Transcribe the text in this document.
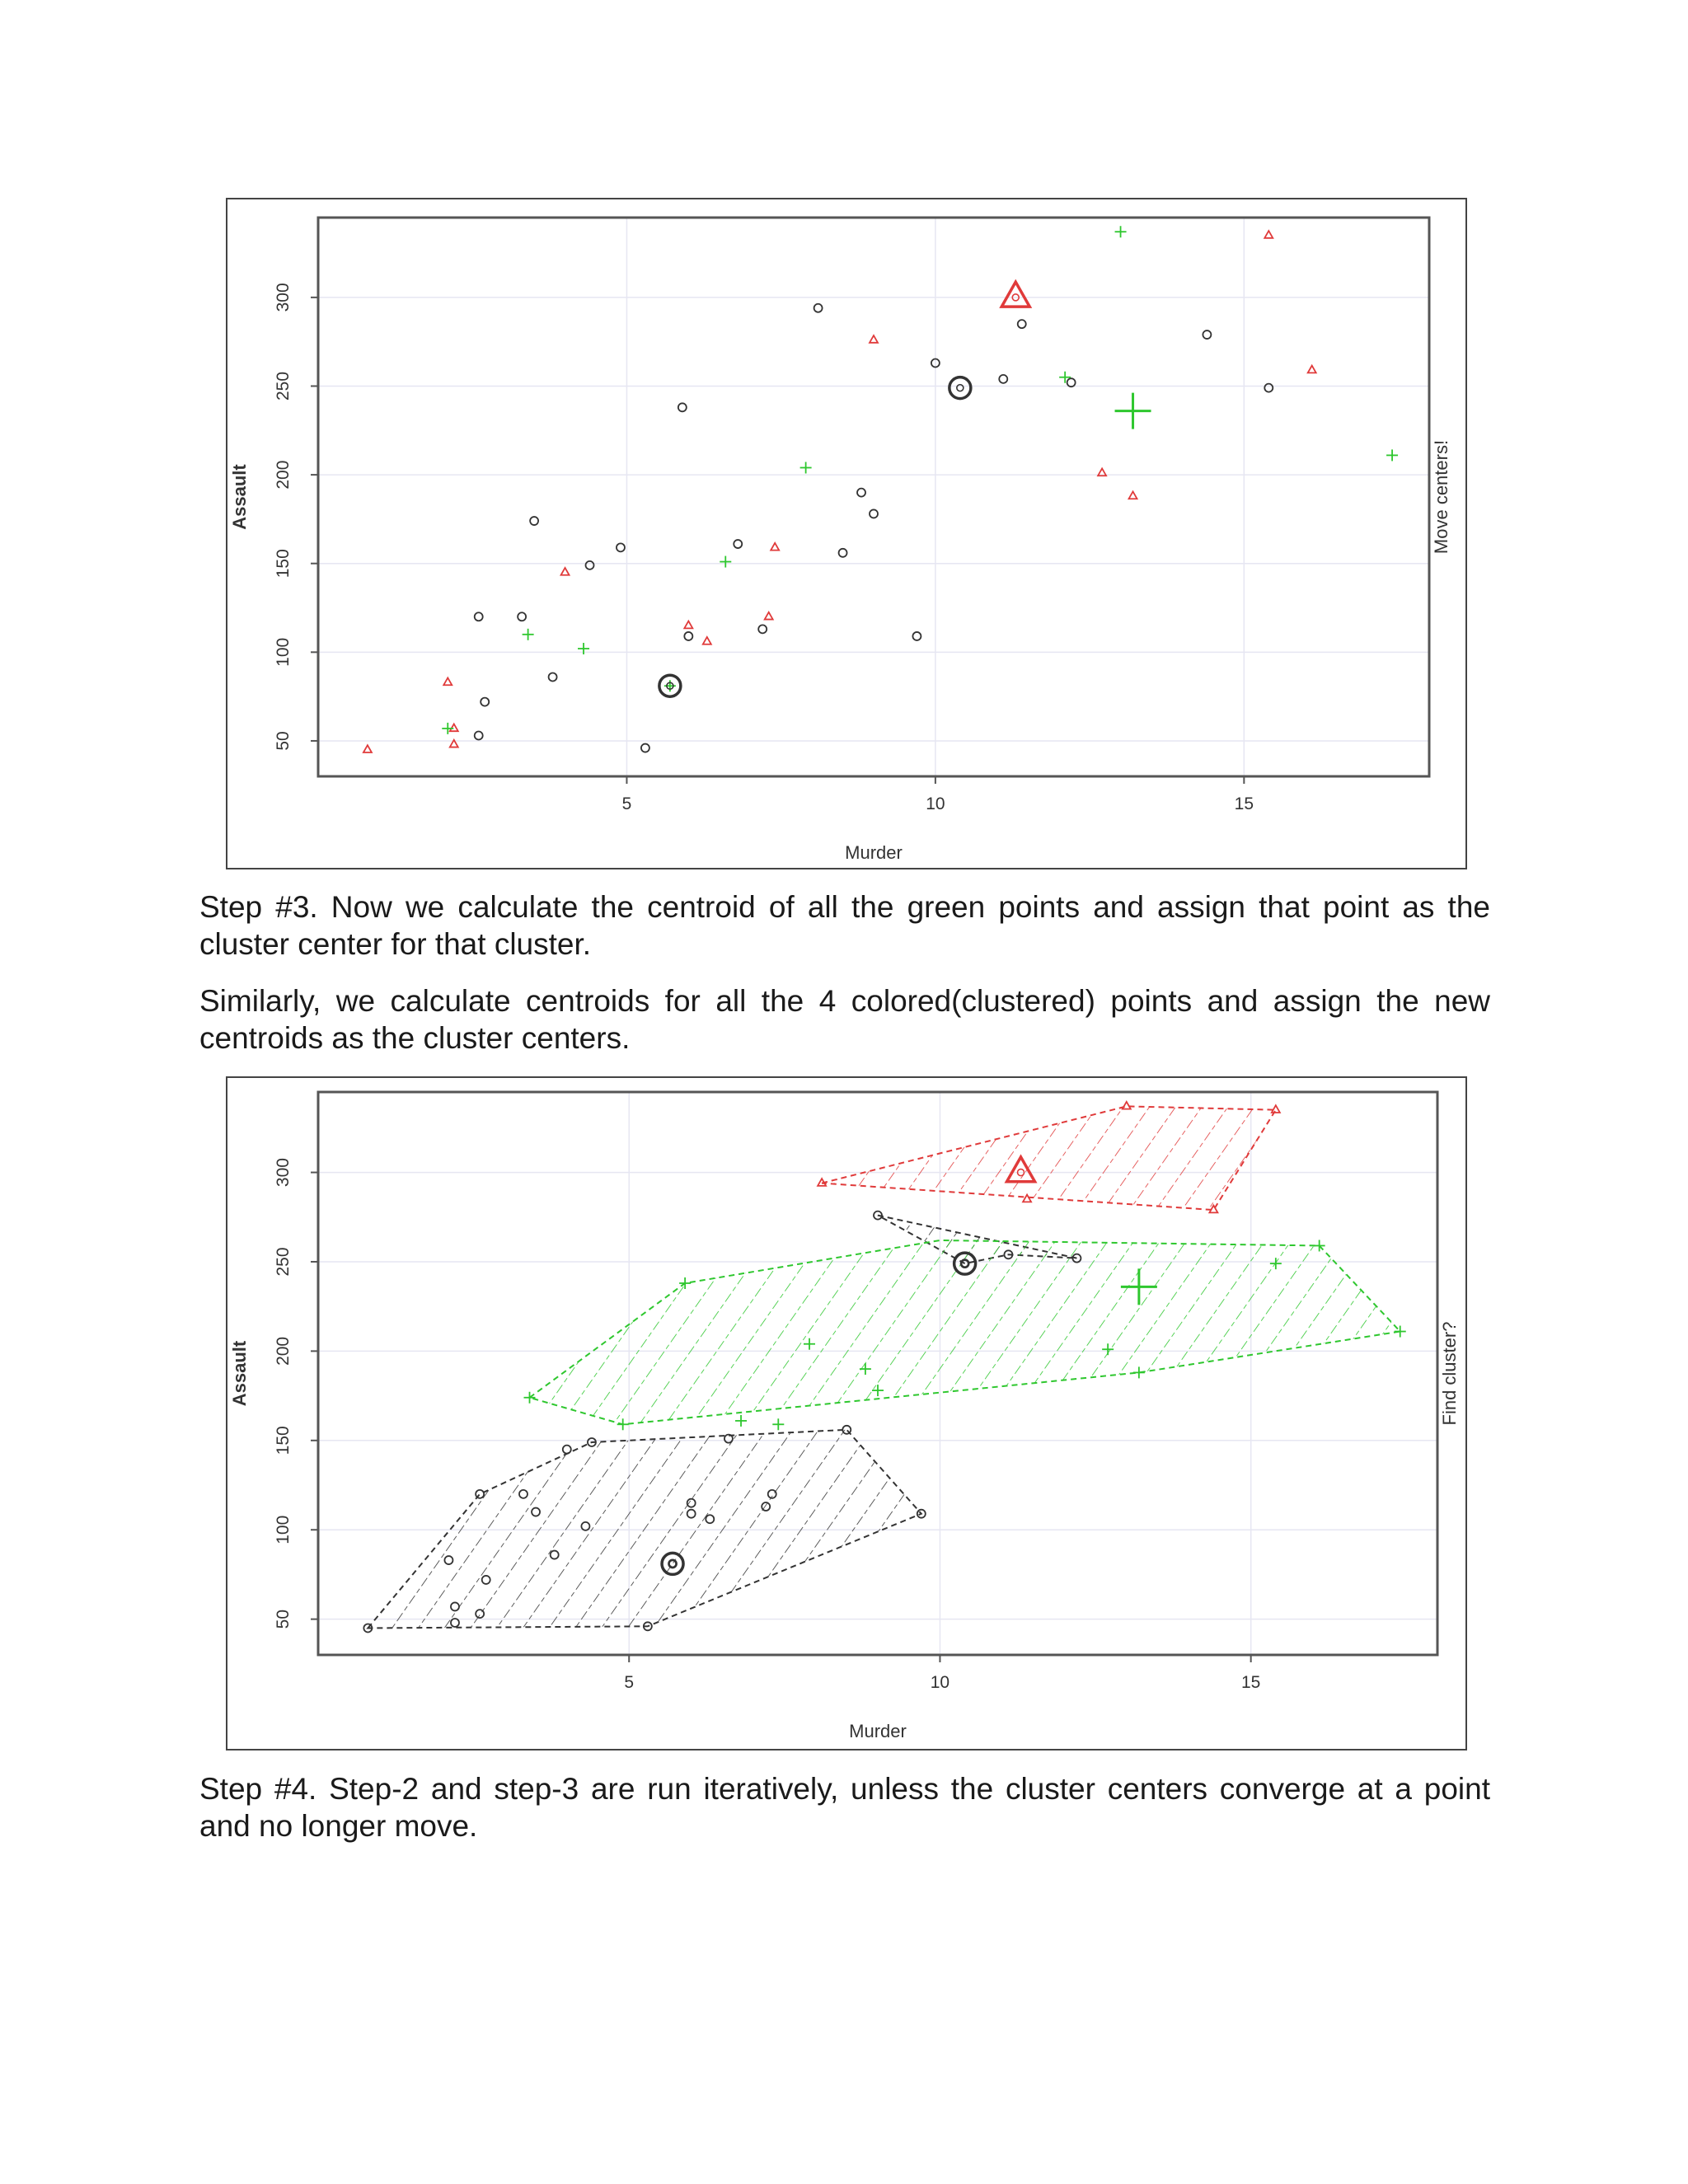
5	10	15
50
100
150
200
250
300
Murder
Assault	Move centers!

Step #3. Now we calculate the centroid of all the green points and assign that point as the cluster center for that cluster.

Similarly, we calculate centroids for all the 4 colored(clustered) points and assign the new centroids as the cluster centers.

5	10	15
50
100
150
200
250
300
Murder
Assault	Find cluster?

Step #4. Step-2 and step-3 are run iteratively, unless the cluster centers converge at a point and no longer move.
